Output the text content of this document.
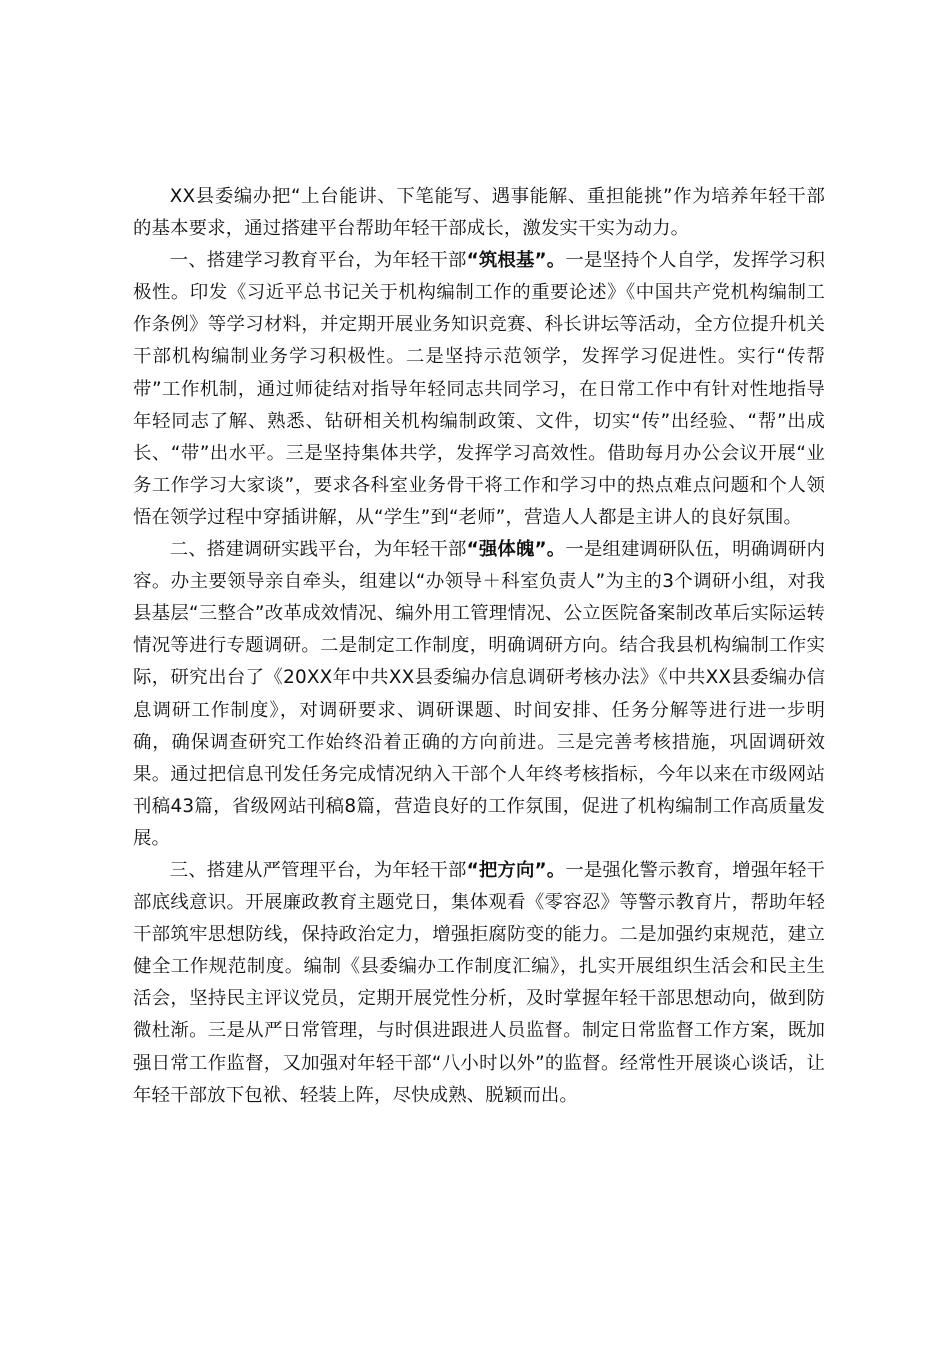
XX县委编办把“上台能讲、下笔能写、遇事能解、重担能挑”作为培养年轻干部的基本要求，通过搭建平台帮助年轻干部成长，激发实干实为动力。

一、搭建学习教育平台，为年轻干部“筑根基”。一是坚持个人自学，发挥学习积极性。印发《习近平总书记关于机构编制工作的重要论述》《中国共产党机构编制工作条例》等学习材料，并定期开展业务知识竞赛、科长讲坛等活动，全方位提升机关干部机构编制业务学习积极性。二是坚持示范领学，发挥学习促进性。实行“传帮带”工作机制，通过师徒结对指导年轻同志共同学习，在日常工作中有针对性地指导年轻同志了解、熟悉、钻研相关机构编制政策、文件，切实“传”出经验、“帮”出成长、“带”出水平。三是坚持集体共学，发挥学习高效性。借助每月办公会议开展“业务工作学习大家谈”，要求各科室业务骨干将工作和学习中的热点难点问题和个人领悟在领学过程中穿插讲解，从“学生”到“老师”，营造人人都是主讲人的良好氛围。

二、搭建调研实践平台，为年轻干部“强体魄”。一是组建调研队伍，明确调研内容。办主要领导亲自牵头，组建以“办领导＋科室负责人”为主的3个调研小组，对我县基层“三整合”改革成效情况、编外用工管理情况、公立医院备案制改革后实际运转情况等进行专题调研。二是制定工作制度，明确调研方向。结合我县机构编制工作实际，研究出台了《20XX年中共XX县委编办信息调研考核办法》《中共XX县委编办信息调研工作制度》，对调研要求、调研课题、时间安排、任务分解等进行进一步明确，确保调查研究工作始终沿着正确的方向前进。三是完善考核措施，巩固调研效果。通过把信息刊发任务完成情况纳入干部个人年终考核指标，今年以来在市级网站刊稿43篇，省级网站刊稿8篇，营造良好的工作氛围，促进了机构编制工作高质量发展。

三、搭建从严管理平台，为年轻干部“把方向”。一是强化警示教育，增强年轻干部底线意识。开展廉政教育主题党日，集体观看《零容忍》等警示教育片，帮助年轻干部筑牢思想防线，保持政治定力，增强拒腐防变的能力。二是加强约束规范，建立健全工作规范制度。编制《县委编办工作制度汇编》，扎实开展组织生活会和民主生活会，坚持民主评议党员，定期开展党性分析，及时掌握年轻干部思想动向，做到防微杜渐。三是从严日常管理，与时俱进跟进人员监督。制定日常监督工作方案，既加强日常工作监督，又加强对年轻干部“八小时以外”的监督。经常性开展谈心谈话，让年轻干部放下包袱、轻装上阵，尽快成熟、脱颖而出。
